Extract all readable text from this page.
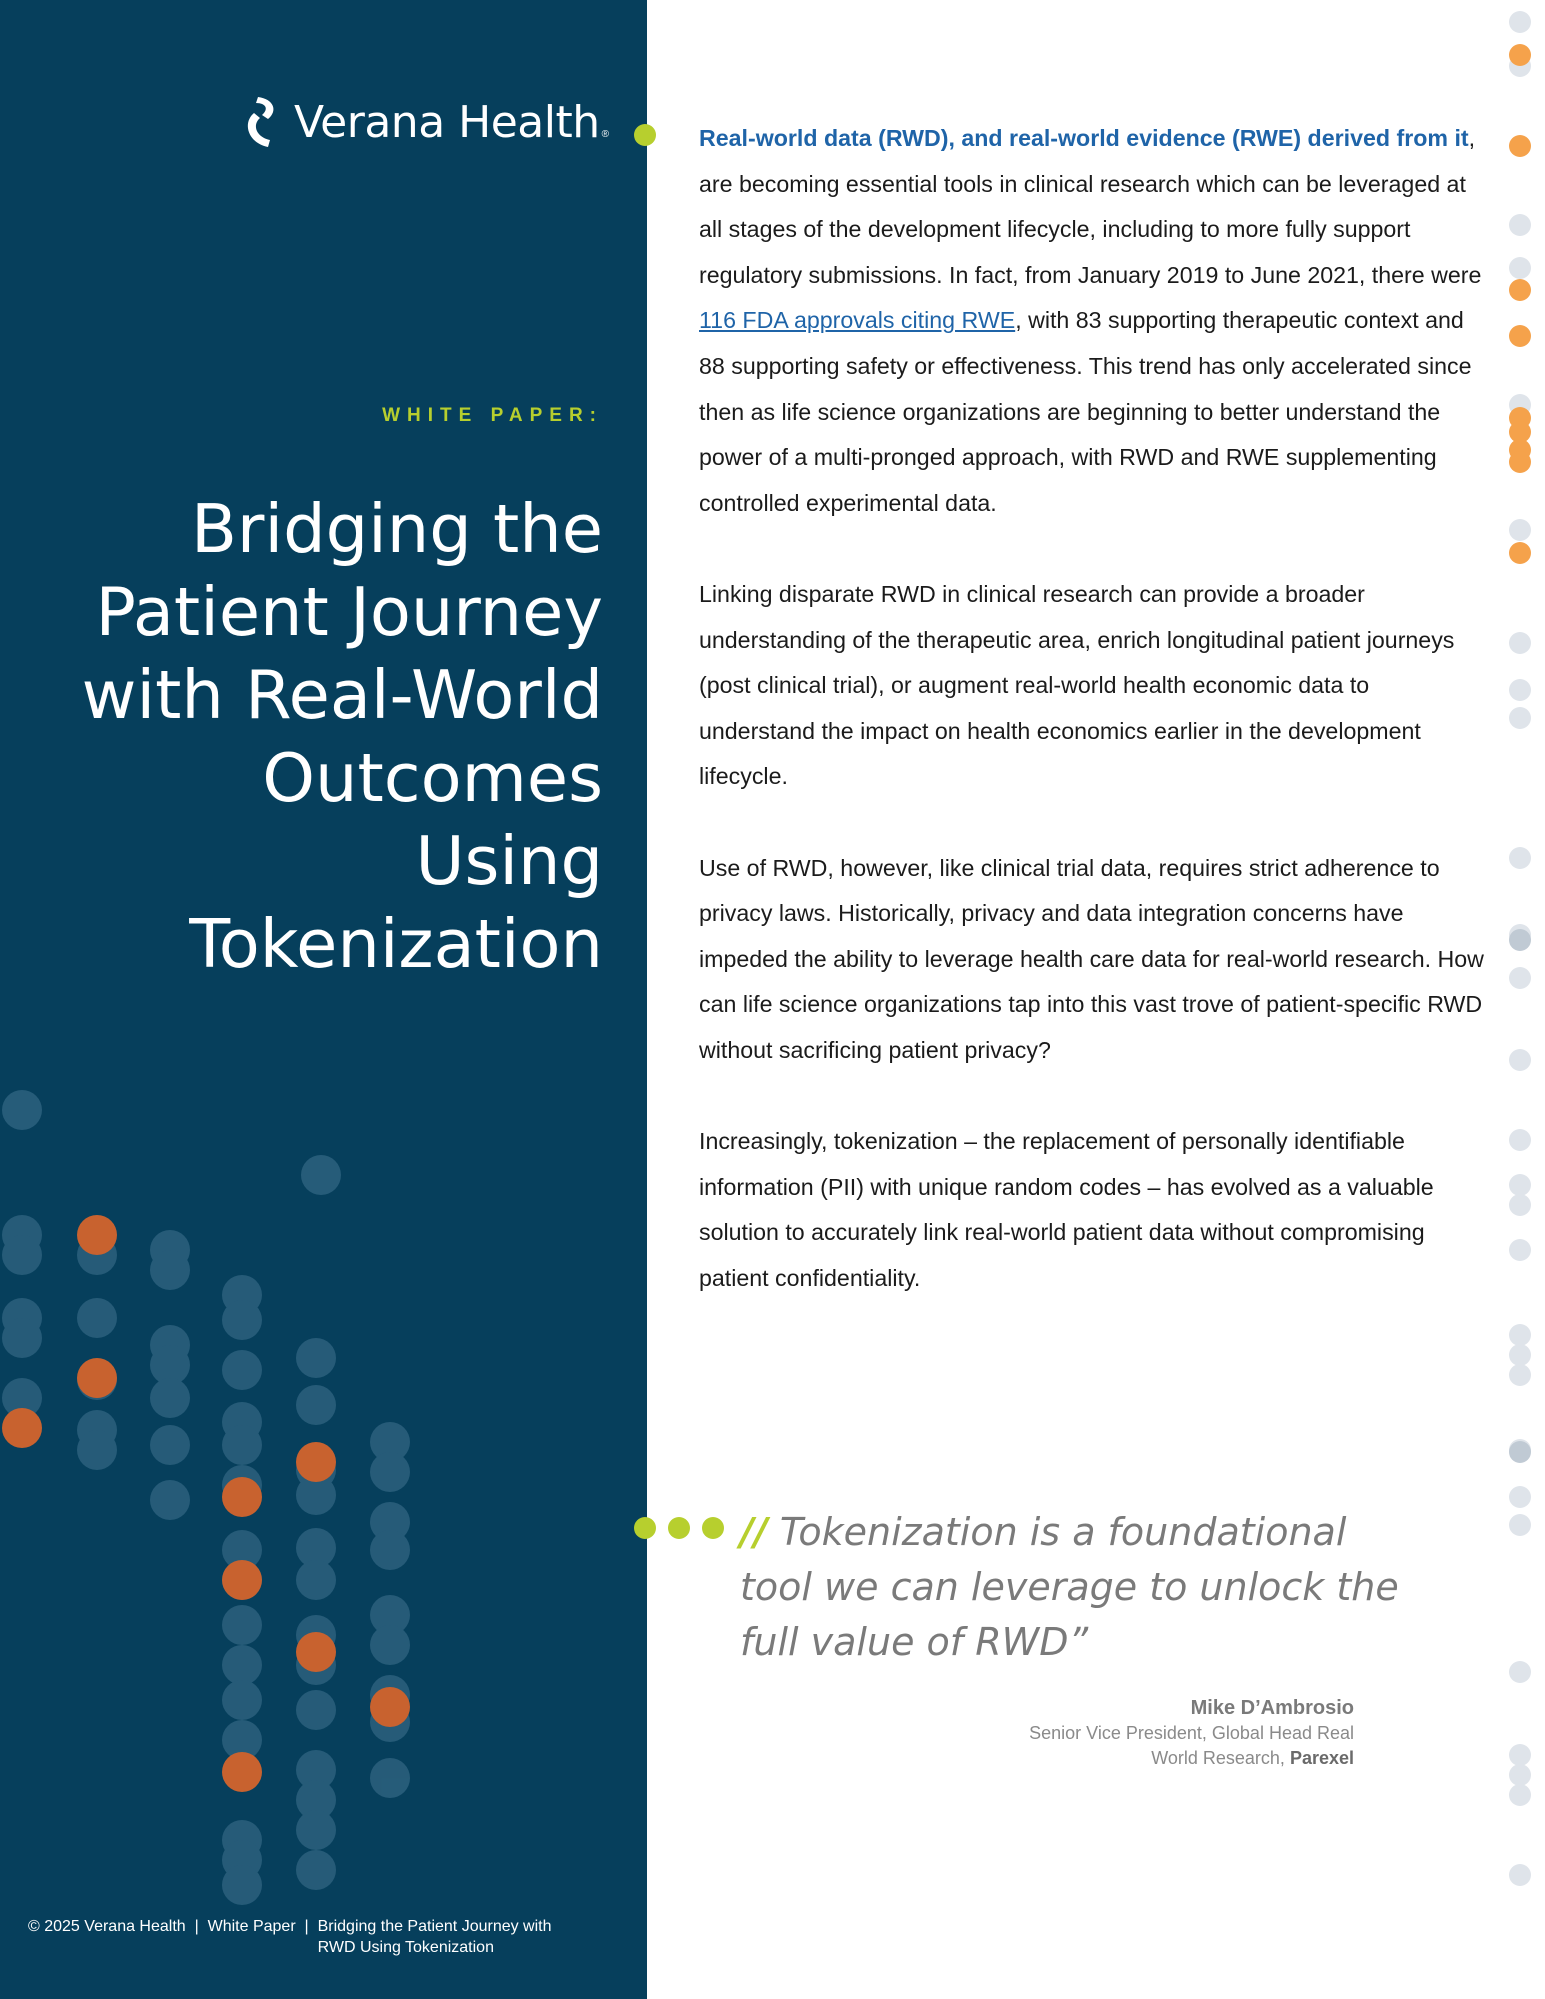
Verana Health ®
WHITE PAPER:
Bridging the
Patient Journey
with Real-World
Outcomes Using
Tokenization
© 2025 Verana Health  |  White Paper  | Bridging the Patient Journey with
RWD Using Tokenization

Real-world data (RWD), and real-world evidence (RWE) derived from it, are becoming essential tools in clinical research which can be leveraged at all stages of the development lifecycle, including to more fully support regulatory submissions. In fact, from January 2019 to June 2021, there were 116 FDA approvals citing RWE, with 83 supporting therapeutic context and 88 supporting safety or effectiveness. This trend has only accelerated since then as life science organizations are beginning to better understand the power of a multi-pronged approach, with RWD and RWE supplementing controlled experimental data.

Linking disparate RWD in clinical research can provide a broader understanding of the therapeutic area, enrich longitudinal patient journeys (post clinical trial), or augment real-world health economic data to understand the impact on health economics earlier in the development lifecycle.

Use of RWD, however, like clinical trial data, requires strict adherence to privacy laws. Historically, privacy and data integration concerns have impeded the ability to leverage health care data for real-world research. How can life science organizations tap into this vast trove of patient-specific RWD without sacrificing patient privacy?

Increasingly, tokenization – the replacement of personally identifiable information (PII) with unique random codes – has evolved as a valuable solution to accurately link real-world patient data without compromising patient confidentiality.

// Tokenization is a foundational tool we can leverage to unlock the full value of RWD”
Mike D’Ambrosio
Senior Vice President, Global Head Real
World Research, Parexel
